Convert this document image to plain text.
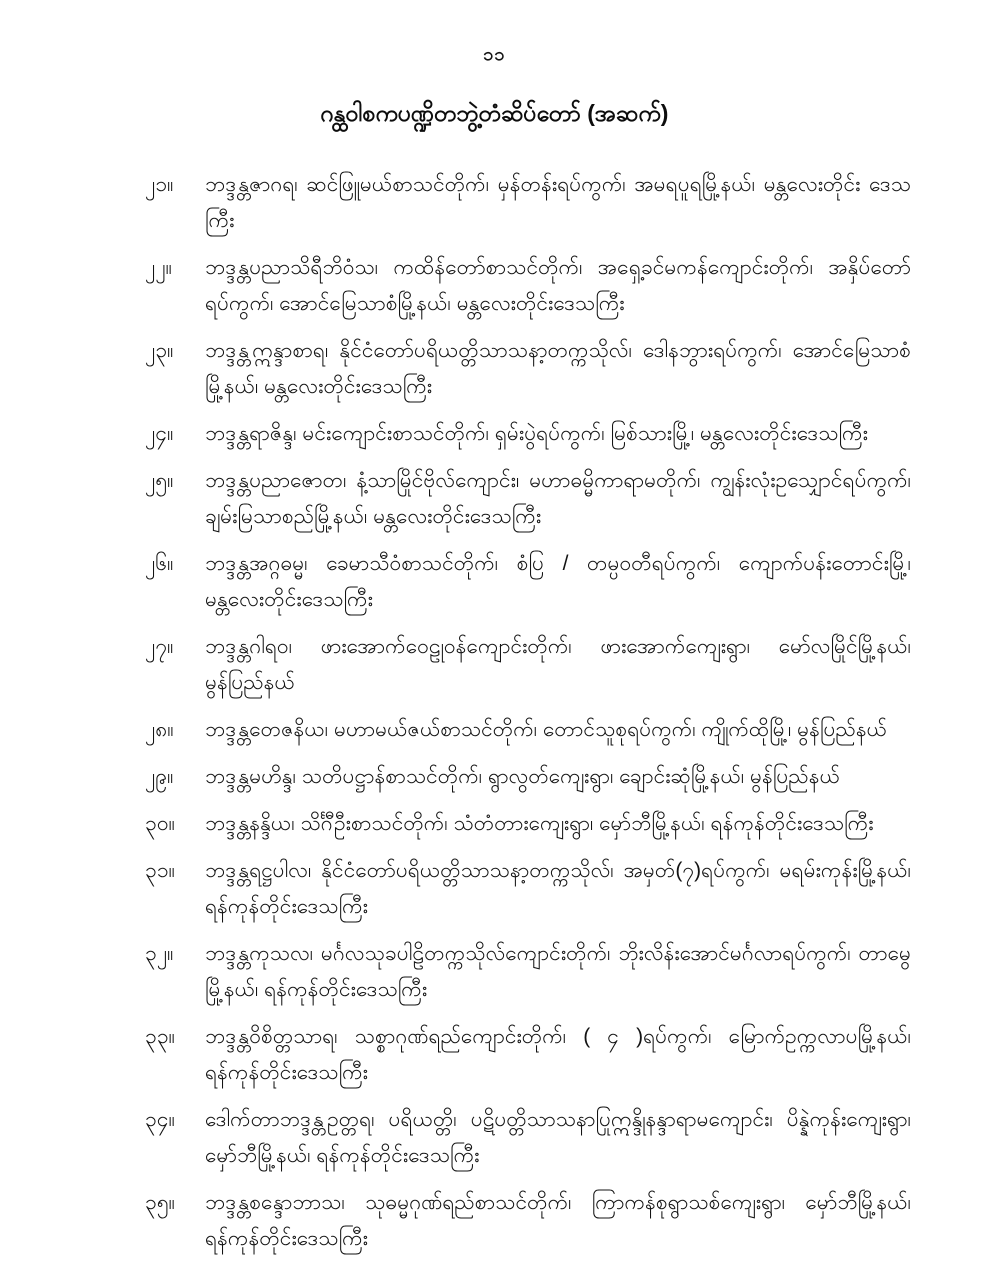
၁၁
ဂန္ထဝါစကပဏ္ဍိတဘွဲ့တံဆိပ်တော် (အဆက်)
၂၁။	ဘဒ္ဒန္တဇာဂရ၊ ဆင်ဖြူမယ်စာသင်တိုက်၊ မှန်တန်းရပ်ကွက်၊ အမရပူရမြို့နယ်၊ မန္တလေးတိုင်း ဒေသကြီး
၂၂။	ဘဒ္ဒန္တပညာသိရီဘိဝံသ၊ ကထိန်တော်စာသင်တိုက်၊ အရှေ့ခင်မကန်ကျောင်းတိုက်၊ အနှိပ်တော်ရပ်ကွက်၊ အောင်မြေသာစံမြို့နယ်၊ မန္တလေးတိုင်းဒေသကြီး
၂၃။	ဘဒ္ဒန္တဣန္ဒာစာရ၊ နိုင်ငံတော်ပရိယတ္တိသာသနာ့တက္ကသိုလ်၊ ဒေါနဘွားရပ်ကွက်၊ အောင်မြေသာစံ မြို့နယ်၊ မန္တလေးတိုင်းဒေသကြီး
၂၄။	ဘဒ္ဒန္တရာဇိန္ဒ၊ မင်းကျောင်းစာသင်တိုက်၊ ရှမ်းပွဲရပ်ကွက်၊ မြစ်သားမြို့၊ မန္တလေးတိုင်းဒေသကြီး
၂၅။	ဘဒ္ဒန္တပညာဇောတ၊ နံ့သာမြိုင်ဗိုလ်ကျောင်း၊ မဟာဓမ္မိကာရာမတိုက်၊ ကျွန်းလုံးဥသျှောင်ရပ်ကွက်၊ ချမ်းမြသာစည်မြို့နယ်၊ မန္တလေးတိုင်းဒေသကြီး
၂၆။	ဘဒ္ဒန္တအဂ္ဂဓမ္မ၊ ခေမာသီဝံစာသင်တိုက်၊ စံပြ / တမ္ပဝတီရပ်ကွက်၊ ကျောက်ပန်းတောင်းမြို့၊ မန္တလေးတိုင်းဒေသကြီး
၂၇။	ဘဒ္ဒန္တဂါရဝ၊ ဖားအောက်ဝေဠုဝန်ကျောင်းတိုက်၊ ဖားအောက်ကျေးရွာ၊ မော်လမြိုင်မြို့နယ်၊ မွန်ပြည်နယ်
၂၈။	ဘဒ္ဒန္တတေဇနိယ၊ မဟာမယ်ဇယ်စာသင်တိုက်၊ တောင်သူစုရပ်ကွက်၊ ကျိုက်ထိုမြို့၊ မွန်ပြည်နယ်
၂၉။	ဘဒ္ဒန္တမဟိန္ဒ၊ သတိပဋ္ဌာန်စာသင်တိုက်၊ ရွာလွတ်ကျေးရွာ၊ ချောင်းဆုံမြို့နယ်၊ မွန်ပြည်နယ်
၃၀။	ဘဒ္ဒန္တနန္ဒိယ၊ သိင်္ဂီဦးစာသင်တိုက်၊ သံတံတားကျေးရွာ၊ မှော်ဘီမြို့နယ်၊ ရန်ကုန်တိုင်းဒေသကြီး
၃၁။	ဘဒ္ဒန္တရဋ္ဌပါလ၊ နိုင်ငံတော်ပရိယတ္တိသာသနာ့တက္ကသိုလ်၊ အမှတ်(၇)ရပ်ကွက်၊ မရမ်းကုန်းမြို့နယ်၊ ရန်ကုန်တိုင်းဒေသကြီး
၃၂။	ဘဒ္ဒန္တကုသလ၊ မင်္ဂလသုခပါဠိတက္ကသိုလ်ကျောင်းတိုက်၊ ဘိုးလိန်းအောင်မင်္ဂလာရပ်ကွက်၊ တာမွေမြို့နယ်၊ ရန်ကုန်တိုင်းဒေသကြီး
၃၃။	ဘဒ္ဒန္တဝိစိတ္တသာရ၊ သစ္စာဂုဏ်ရည်ကျောင်းတိုက်၊ ( ၄ )ရပ်ကွက်၊ မြောက်ဥက္ကလာပမြို့နယ်၊ ရန်ကုန်တိုင်းဒေသကြီး
၃၄။	ဒေါက်တာဘဒ္ဒန္တဥတ္တရ၊ ပရိယတ္တိ၊ ပဋိပတ္တိသာသနာပြုဣန္ဒိုနန္ဒာရာမကျောင်း၊ ပိန္နဲကုန်းကျေးရွာ၊ မှော်ဘီမြို့နယ်၊ ရန်ကုန်တိုင်းဒေသကြီး
၃၅။	ဘဒ္ဒန္တစန္ဒောဘာသ၊ သုဓမ္မဂုဏ်ရည်စာသင်တိုက်၊ ကြာကန်စုရွာသစ်ကျေးရွာ၊ မှော်ဘီမြို့နယ်၊ ရန်ကုန်တိုင်းဒေသကြီး
